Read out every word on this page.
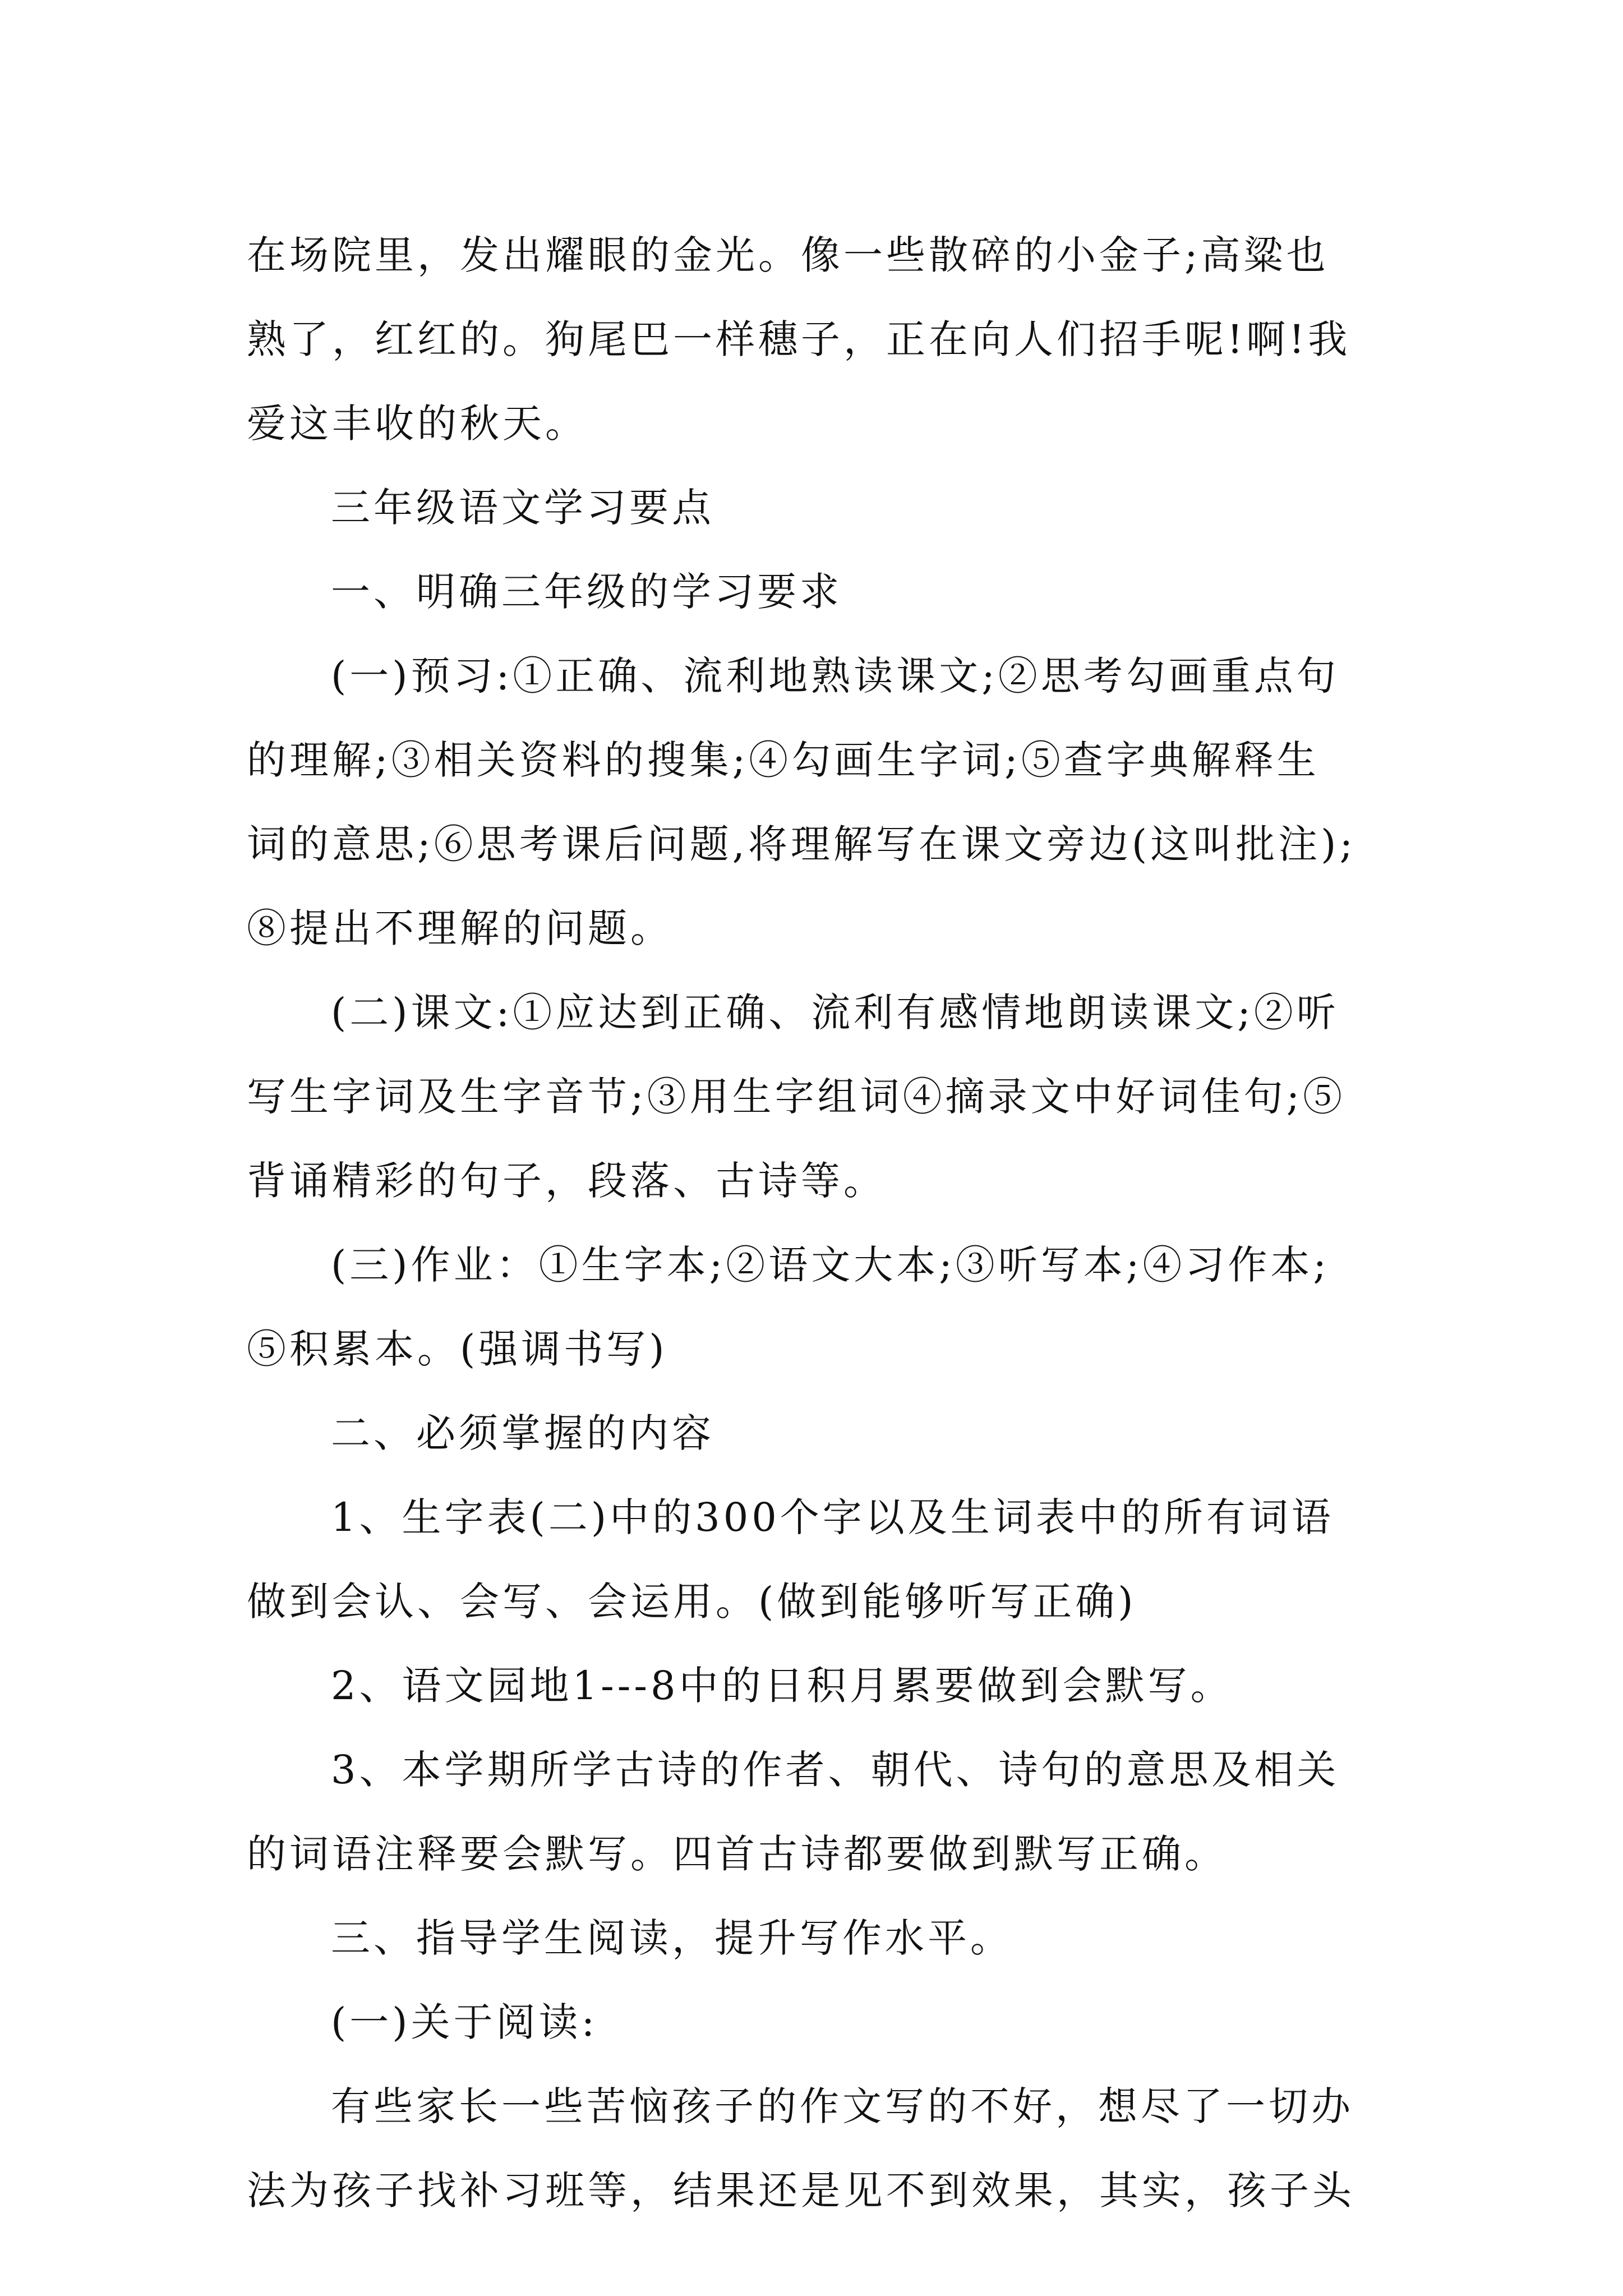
在场院里，发出耀眼的金光。像一些散碎的小金子;高粱也
熟了，红红的。狗尾巴一样穗子，正在向人们招手呢!啊!我
爱这丰收的秋天。
三年级语文学习要点
一、明确三年级的学习要求
(一)预习:①正确、流利地熟读课文;②思考勾画重点句
的理解;③相关资料的搜集;④勾画生字词;⑤查字典解释生
词的意思;⑥思考课后问题,将理解写在课文旁边(这叫批注);
⑧提出不理解的问题。
(二)课文:①应达到正确、流利有感情地朗读课文;②听
写生字词及生字音节;③用生字组词④摘录文中好词佳句;⑤
背诵精彩的句子，段落、古诗等。
(三)作业：①生字本;②语文大本;③听写本;④习作本;
⑤积累本。(强调书写)
二、必须掌握的内容
1、生字表(二)中的300个字以及生词表中的所有词语
做到会认、会写、会运用。(做到能够听写正确)
2、语文园地1---8中的日积月累要做到会默写。
3、本学期所学古诗的作者、朝代、诗句的意思及相关
的词语注释要会默写。四首古诗都要做到默写正确。
三、指导学生阅读，提升写作水平。
(一)关于阅读:
有些家长一些苦恼孩子的作文写的不好，想尽了一切办
法为孩子找补习班等，结果还是见不到效果，其实，孩子头
